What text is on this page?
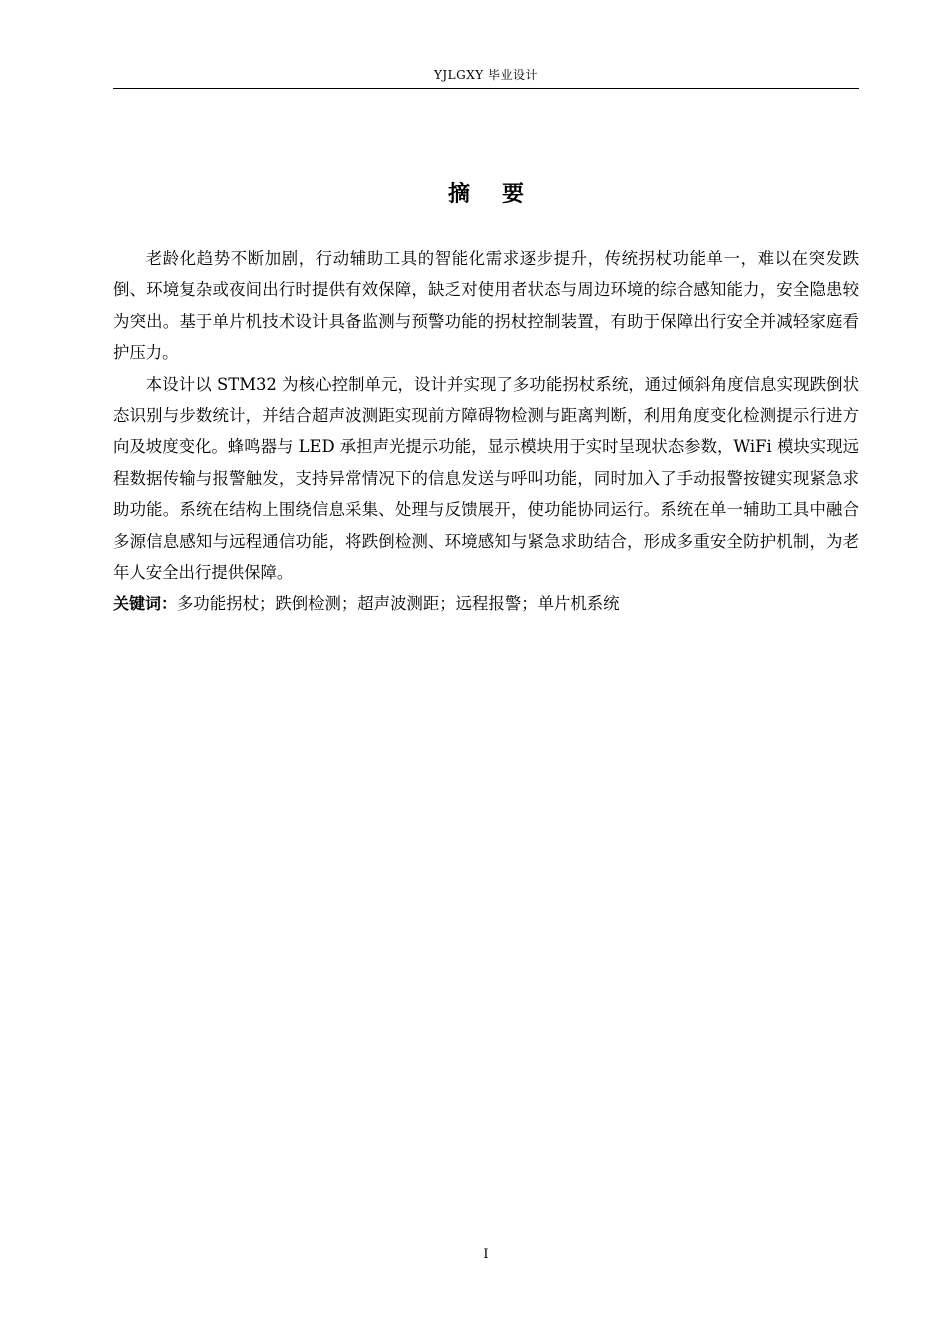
YJLGXY 毕业设计
摘要

老龄化趋势不断加剧，行动辅助工具的智能化需求逐步提升，传统拐杖功能单一，难以在突发跌倒、环境复杂或夜间出行时提供有效保障，缺乏对使用者状态与周边环境的综合感知能力，安全隐患较为突出。基于单片机技术设计具备监测与预警功能的拐杖控制装置，有助于保障出行安全并减轻家庭看护压力。

本设计以 STM32 为核心控制单元，设计并实现了多功能拐杖系统，通过倾斜角度信息实现跌倒状态识别与步数统计，并结合超声波测距实现前方障碍物检测与距离判断，利用角度变化检测提示行进方向及坡度变化。蜂鸣器与 LED 承担声光提示功能，显示模块用于实时呈现状态参数，WiFi 模块实现远程数据传输与报警触发，支持异常情况下的信息发送与呼叫功能，同时加入了手动报警按键实现紧急求助功能。系统在结构上围绕信息采集、处理与反馈展开，使功能协同运行。系统在单一辅助工具中融合多源信息感知与远程通信功能，将跌倒检测、环境感知与紧急求助结合，形成多重安全防护机制，为老年人安全出行提供保障。

关键词：多功能拐杖；跌倒检测；超声波测距；远程报警；单片机系统

I
